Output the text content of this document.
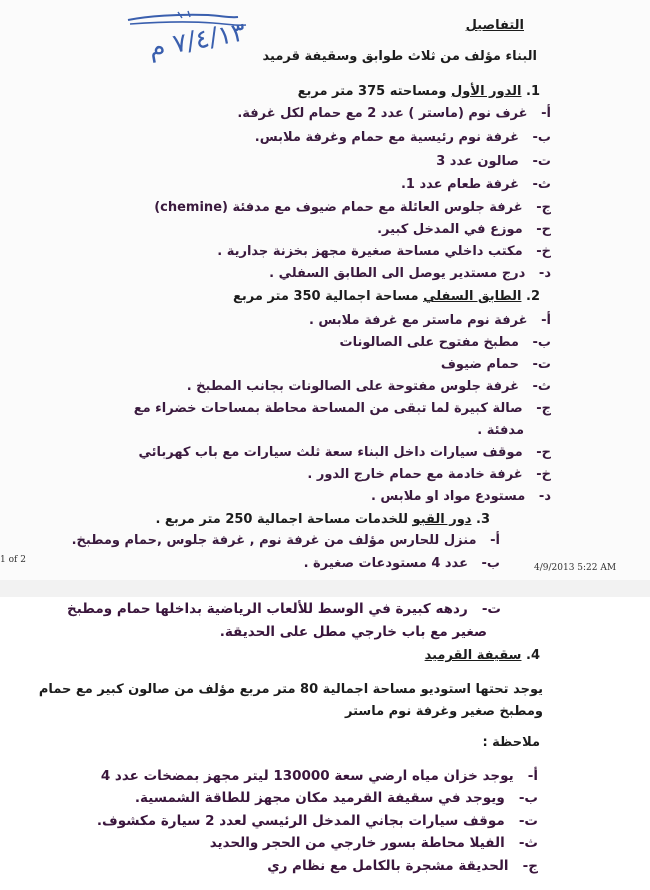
٧/٤/١٣ م	التفاصيل
البناء مؤلف من ثلاث طوابق وسقيفة قرميد
1. الدور الأول ومساحته 375 متر مربع
أ-   غرف نوم (ماستر ) عدد 2 مع حمام لكل غرفة.
ب-   غرفة نوم رئيسية مع حمام وغرفة ملابس.
ت-   صالون عدد 3
ث-   غرفة طعام عدد 1.
ج-   غرفة جلوس العائلة مع حمام ضيوف مع مدفئة (chemine)
ح-   موزع في المدخل كبير.
خ-   مكتب داخلي مساحة صغيرة مجهز بخزنة جدارية .
د-   درج مستدير يوصل الى الطابق السفلي .
2. الطابق السفلي مساحة اجمالية 350 متر مربع
أ-   غرفة نوم ماستر مع غرفة ملابس .
ب-   مطبخ مفتوح على الصالونات
ت-   حمام ضيوف
ث-   غرفة جلوس مفتوحة على الصالونات بجانب المطبخ .
ج-   صالة كبيرة لما تبقى من المساحة محاطة بمساحات خضراء مع
مدفئة .
ح-   موقف سيارات داخل البناء سعة ثلث سيارات مع باب كهربائي
خ-   غرفة خادمة مع حمام خارج الدور .
د-   مستودع مواد او ملابس .
3. دور القبو للخدمات مساحة اجمالية 250 متر مربع .
أ-   منزل للحارس مؤلف من غرفة نوم , غرفة جلوس ,حمام ومطبخ.
ب-   عدد 4 مستودعات صغيرة .
1 of 2
4/9/2013 5:22 AM
ت-   ردهه كبيرة في الوسط للألعاب الرياضية بداخلها حمام ومطبخ
صغير مع باب خارجي مطل على الحديقة.
4. سقيفة القرميد
يوجد تحتها استوديو مساحة اجمالية 80 متر مربع مؤلف من صالون كبير مع حمام
ومطبخ صغير وغرفة نوم ماستر
ملاحظة :
أ-   يوجد خزان مياه ارضي سعة 130000 ليتر مجهز بمضخات عدد 4
ب-   ويوجد في سقيفة القرميد مكان مجهز للطاقة الشمسية.
ت-   موقف سيارات بجاني المدخل الرئيسي لعدد 2 سيارة مكشوف.
ث-   الفيلا محاطة بسور خارجي من الحجر والحديد
ج-   الحديقة مشجرة بالكامل مع نظام ري
